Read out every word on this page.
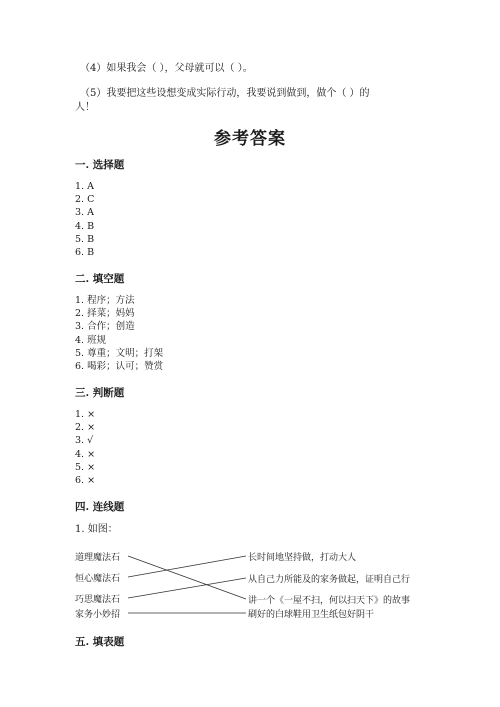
（4）如果我会（ ），父母就可以（ ）。
（5）我要把这些设想变成实际行动，我要说到做到，做个（ ）的
人！
参考答案
一. 选择题
1. A
2. C
3. A
4. B
5. B
6. B
二. 填空题
1. 程序；方法
2. 择菜；妈妈
3. 合作；创造
4. 班规
5. 尊重；文明；打架
6. 喝彩；认可；赞赏
三. 判断题
1. ×
2. ×
3. √
4. ×
5. ×
6. ×
四. 连线题
1. 如图：
道理魔法石
恒心魔法石
巧思魔法石
家务小妙招
长时间地坚持做，打动大人
从自己力所能及的家务做起，证明自己行
讲一个《一屋不扫，何以扫天下》的故事
刷好的白球鞋用卫生纸包好阴干
五. 填表题
